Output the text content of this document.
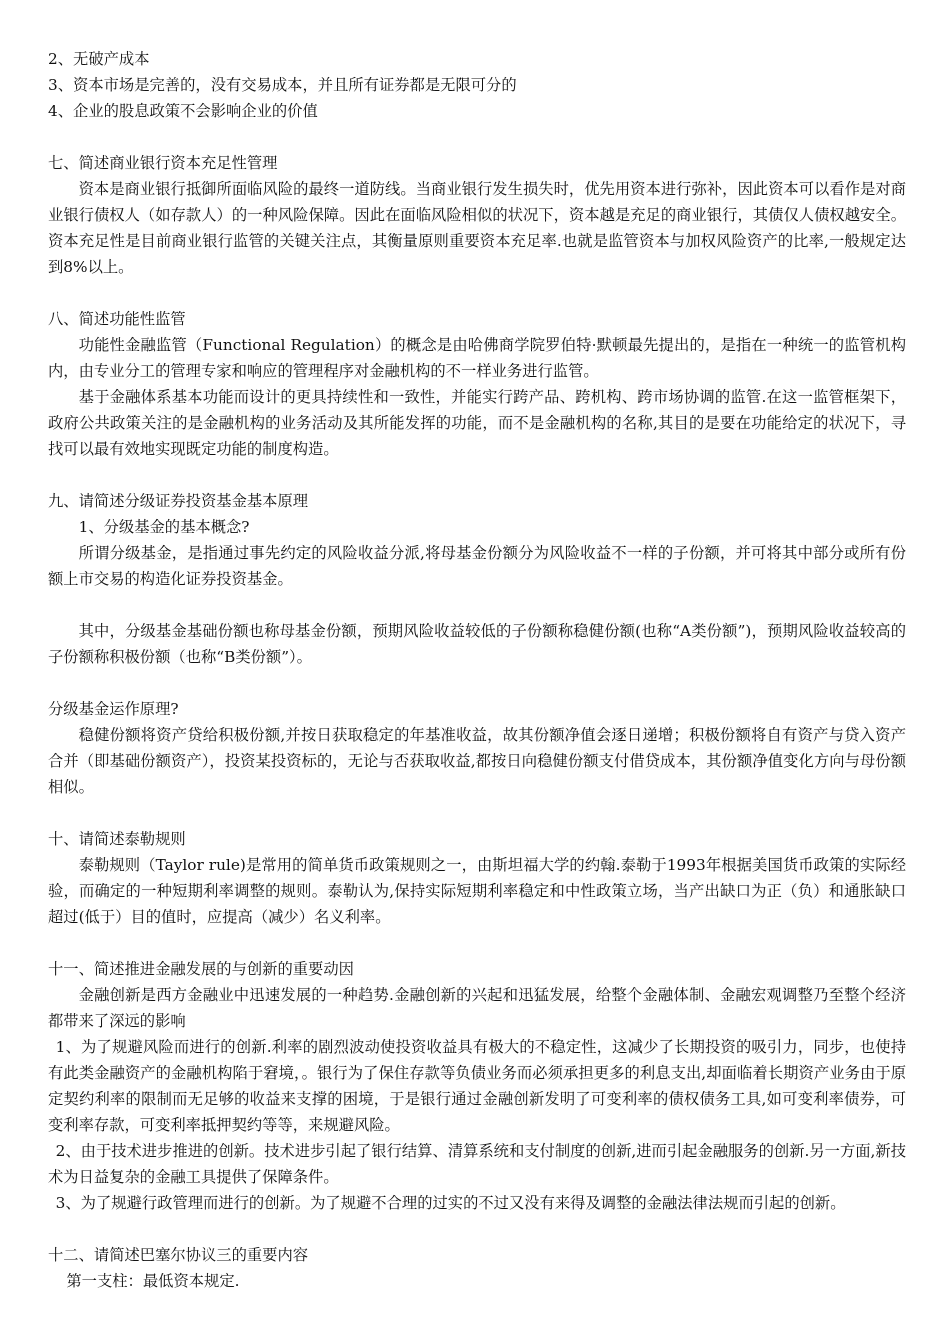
2、无破产成本

3、资本市场是完善的，没有交易成本，并且所有证券都是无限可分的

4、企业的股息政策不会影响企业的价值

七、简述商业银行资本充足性管理

资本是商业银行抵御所面临风险的最终一道防线。当商业银行发生损失时，优先用资本进行弥补，因此资本可以看作是对商业银行债权人（如存款人）的一种风险保障。因此在面临风险相似的状况下，资本越是充足的商业银行，其债仅人债权越安全。资本充足性是目前商业银行监管的关键关注点，其衡量原则重要资本充足率.也就是监管资本与加权风险资产的比率,一般规定达到8%以上。

八、简述功能性监管

功能性金融监管（Functional Regulation）的概念是由哈佛商学院罗伯特·默顿最先提出的，是指在一种统一的监管机构内，由专业分工的管理专家和响应的管理程序对金融机构的不一样业务进行监管。

基于金融体系基本功能而设计的更具持续性和一致性，并能实行跨产品、跨机构、跨市场协调的监管.在这一监管框架下，政府公共政策关注的是金融机构的业务活动及其所能发挥的功能，而不是金融机构的名称,其目的是要在功能给定的状况下，寻找可以最有效地实现既定功能的制度构造。

九、请简述分级证券投资基金基本原理

1、分级基金的基本概念?

所谓分级基金，是指通过事先约定的风险收益分派,将母基金份额分为风险收益不一样的子份额，并可将其中部分或所有份额上市交易的构造化证券投资基金。

其中，分级基金基础份额也称母基金份额，预期风险收益较低的子份额称稳健份额(也称“A类份额”)，预期风险收益较高的子份额称积极份额（也称“B类份额”）。

分级基金运作原理?

稳健份额将资产贷给积极份额,并按日获取稳定的年基准收益，故其份额净值会逐日递增；积极份额将自有资产与贷入资产合并（即基础份额资产），投资某投资标的，无论与否获取收益,都按日向稳健份额支付借贷成本，其份额净值变化方向与母份额相似。

十、请简述泰勒规则

泰勒规则（Taylor rule)是常用的简单货币政策规则之一，由斯坦福大学的约翰.泰勒于1993年根据美国货币政策的实际经验，而确定的一种短期利率调整的规则。泰勒认为,保持实际短期利率稳定和中性政策立场，当产出缺口为正（负）和通胀缺口超过(低于）目的值时，应提高（减少）名义利率。

十一、简述推进金融发展的与创新的重要动因

金融创新是西方金融业中迅速发展的一种趋势.金融创新的兴起和迅猛发展，给整个金融体制、金融宏观调整乃至整个经济都带来了深远的影响

1、为了规避风险而进行的创新.利率的剧烈波动使投资收益具有极大的不稳定性，这减少了长期投资的吸引力，同步，也使持有此类金融资产的金融机构陷于窘境，。银行为了保住存款等负债业务而必须承担更多的利息支出,却面临着长期资产业务由于原定契约利率的限制而无足够的收益来支撑的困境，于是银行通过金融创新发明了可变利率的债权债务工具,如可变利率债券，可变利率存款，可变利率抵押契约等等，来规避风险。

2、由于技术进步推进的创新。技术进步引起了银行结算、清算系统和支付制度的创新,进而引起金融服务的创新.另一方面,新技术为日益复杂的金融工具提供了保障条件。

3、为了规避行政管理而进行的创新。为了规避不合理的过实的不过又没有来得及调整的金融法律法规而引起的创新。

十二、请简述巴塞尔协议三的重要内容

第一支柱：最低资本规定.
